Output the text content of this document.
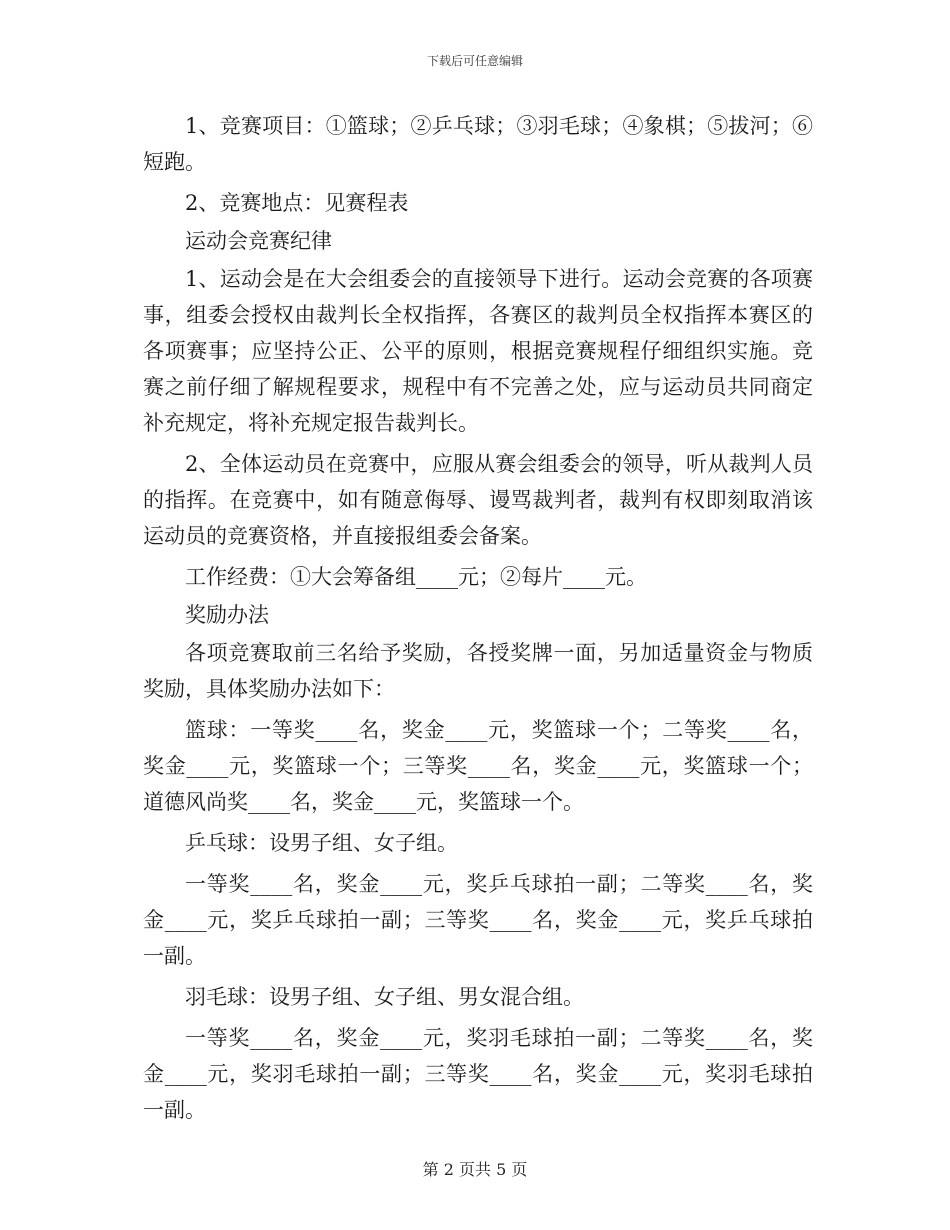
下载后可任意编辑

1、竞赛项目：①篮球；②乒乓球；③羽毛球；④象棋；⑤拔河；⑥短跑。

2、竞赛地点：见赛程表

运动会竞赛纪律

1、运动会是在大会组委会的直接领导下进行。运动会竞赛的各项赛事，组委会授权由裁判长全权指挥，各赛区的裁判员全权指挥本赛区的各项赛事；应坚持公正、公平的原则，根据竞赛规程仔细组织实施。竞赛之前仔细了解规程要求，规程中有不完善之处，应与运动员共同商定补充规定，将补充规定报告裁判长。

2、全体运动员在竞赛中，应服从赛会组委会的领导，听从裁判人员的指挥。在竞赛中，如有随意侮辱、谩骂裁判者，裁判有权即刻取消该运动员的竞赛资格，并直接报组委会备案。

工作经费：①大会筹备组____元；②每片____元。

奖励办法

各项竞赛取前三名给予奖励，各授奖牌一面，另加适量资金与物质奖励，具体奖励办法如下：

篮球：一等奖____名，奖金____元，奖篮球一个；二等奖____名，奖金____元，奖篮球一个；三等奖____名，奖金____元，奖篮球一个；道德风尚奖____名，奖金____元，奖篮球一个。

乒乓球：设男子组、女子组。

一等奖____名，奖金____元，奖乒乓球拍一副；二等奖____名，奖金____元，奖乒乓球拍一副；三等奖____名，奖金____元，奖乒乓球拍一副。

羽毛球：设男子组、女子组、男女混合组。

一等奖____名，奖金____元，奖羽毛球拍一副；二等奖____名，奖金____元，奖羽毛球拍一副；三等奖____名，奖金____元，奖羽毛球拍一副。

第 2 页共 5 页
